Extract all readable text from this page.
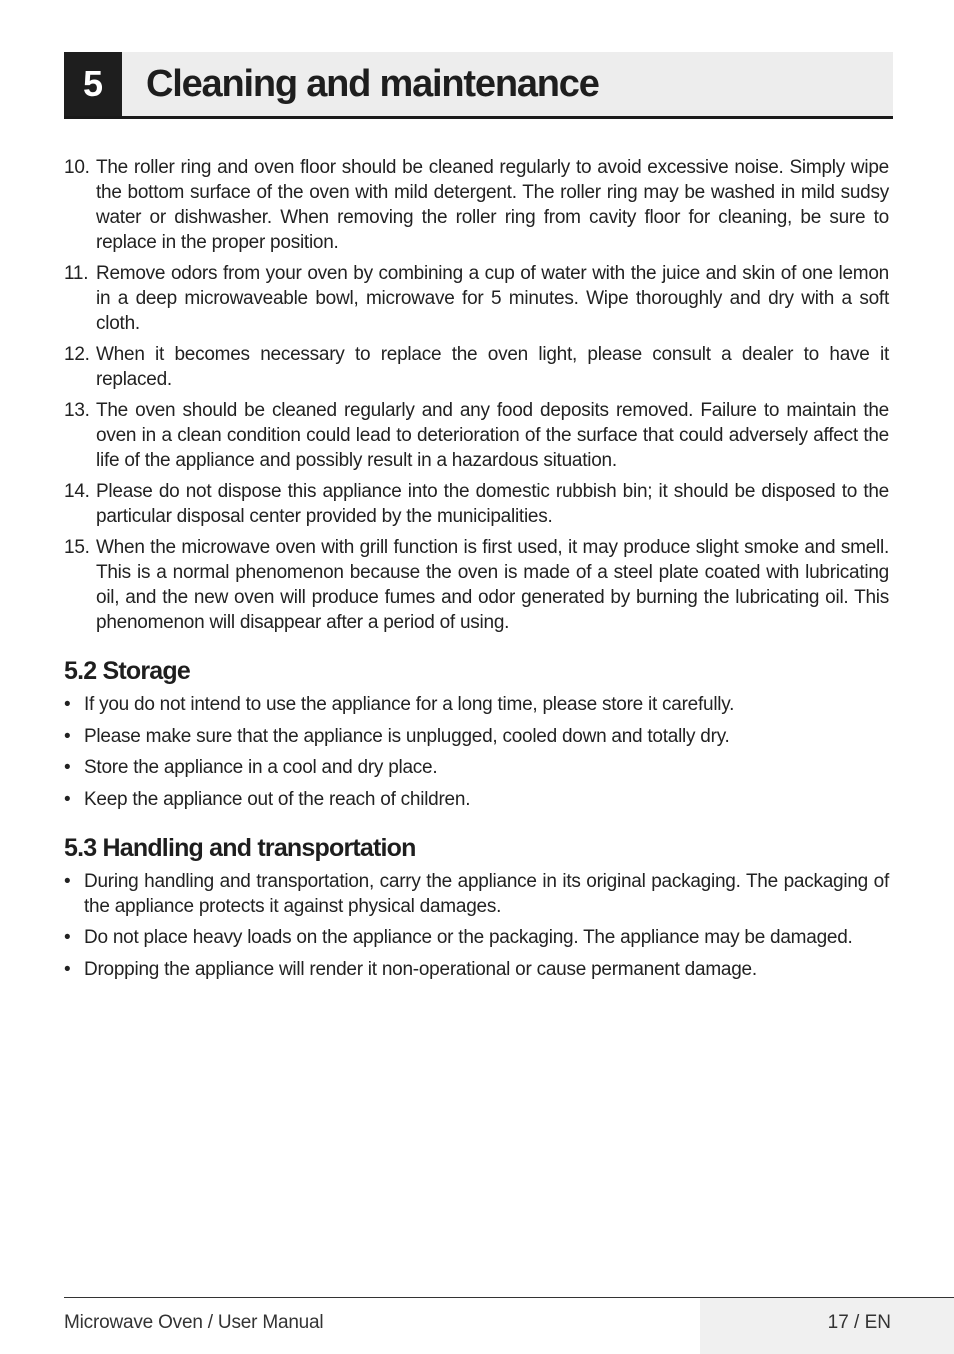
5	Cleaning and maintenance
10. The roller ring and oven floor should be cleaned regularly to avoid excessive noise. Simply wipe the bottom surface of the oven with mild detergent. The roller ring may be washed in mild sudsy water or dishwasher. When removing the roller ring from cavity floor for cleaning, be sure to replace in the proper position.
11. Remove odors from your oven by combining a cup of water with the juice and skin of one lemon in a deep microwaveable bowl, microwave for 5 minutes. Wipe thoroughly and dry with a soft cloth.
12. When it becomes necessary to replace the oven light, please consult a dealer to have it replaced.
13. The oven should be cleaned regularly and any food deposits removed. Failure to maintain the oven in a clean condition could lead to deterioration of the surface that could adversely affect the life of the appliance and possibly result in a hazardous situation.
14. Please do not dispose this appliance into the domestic rubbish bin; it should be disposed to the particular disposal center provided by the municipalities.
15. When the microwave oven with grill function is first used, it may produce slight smoke and smell. This is a normal phenomenon because the oven is made of a steel plate coated with lubricating oil, and the new oven will produce fumes and odor generated by burning the lubricating oil. This phenomenon will disappear after a period of using.
5.2 Storage
• If you do not intend to use the appliance for a long time, please store it carefully.
• Please make sure that the appliance is unplugged, cooled down and totally dry.
• Store the appliance in a cool and dry place.
• Keep the appliance out of the reach of children.
5.3 Handling and transportation
• During handling and transportation, carry the appliance in its original packaging. The packaging of the appliance protects it against physical damages.
• Do not place heavy loads on the appliance or the packaging. The appliance may be damaged.
• Dropping the appliance will render it non-operational or cause permanent damage.
Microwave Oven / User Manual	17 / EN
